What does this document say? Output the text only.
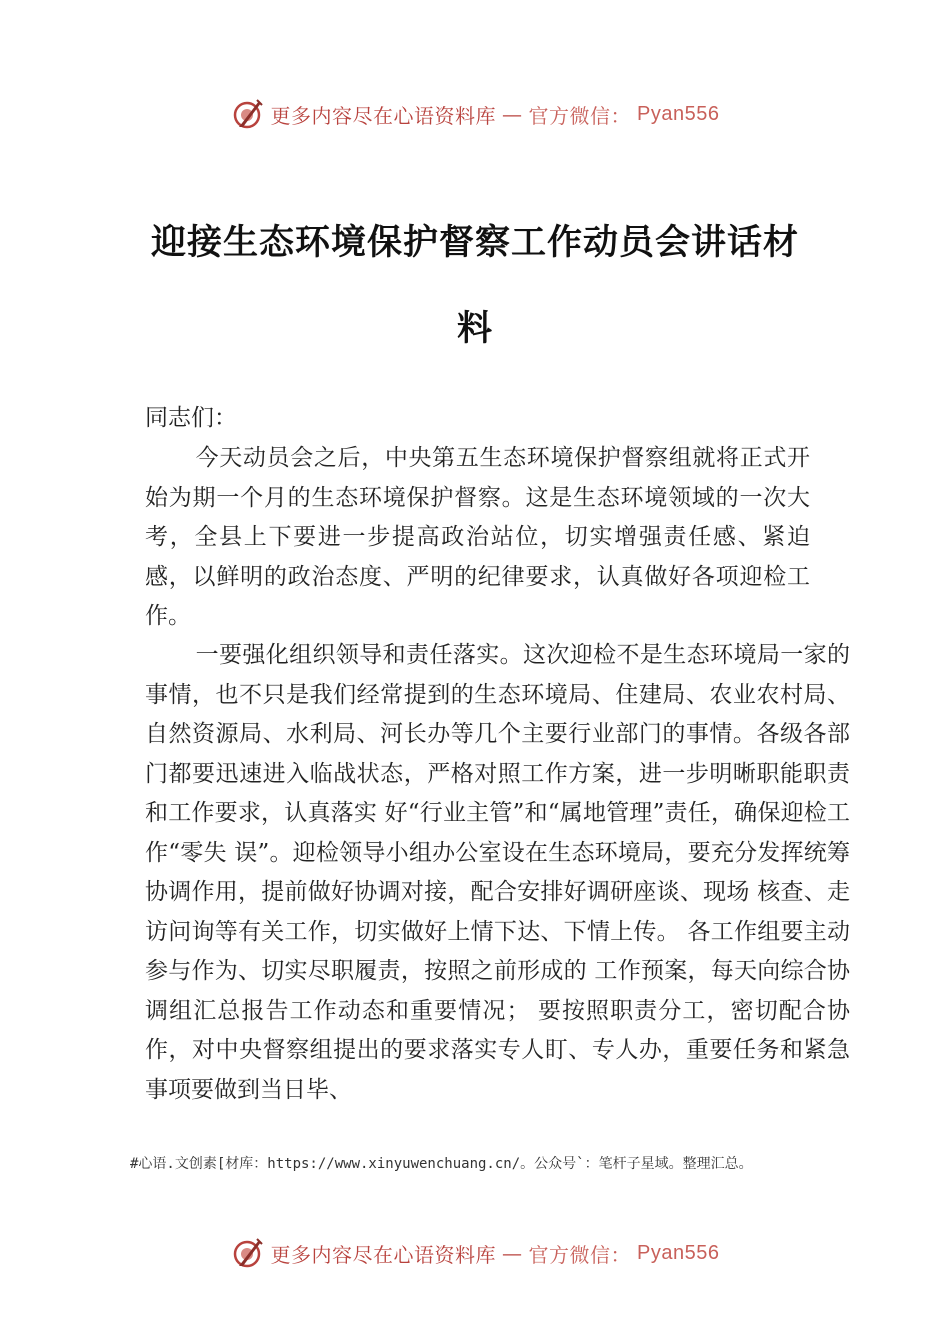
更多内容尽在心语资料库 — 官方微信： Pyan556
迎接生态环境保护督察工作动员会讲话材料

同志们：

今天动员会之后，中央第五生态环境保护督察组就将正式开始为期一个月的生态环境保护督察。这是生态环境领域的一次大考，全县上下要进一步提高政治站位，切实增强责任感、紧迫感，以鲜明的政治态度、严明的纪律要求，认真做好各项迎检工作。

一要强化组织领导和责任落实。这次迎检不是生态环境局一家的事情，也不只是我们经常提到的生态环境局、住建局、农业农村局、自然资源局、水利局、河长办等几个主要行业部门的事情。各级各部门都要迅速进入临战状态，严格对照工作方案，进一步明晰职能职责和工作要求，认真落实 好“行业主管”和“属地管理”责任，确保迎检工作“零失 误”。迎检领导小组办公室设在生态环境局，要充分发挥统筹 协调作用，提前做好协调对接，配合安排好调研座谈、现场 核查、走访问询等有关工作，切实做好上情下达、下情上传。 各工作组要主动参与作为、切实尽职履责，按照之前形成的 工作预案，每天向综合协调组汇总报告工作动态和重要情况； 要按照职责分工，密切配合协作，对中央督察组提出的要求落实专人盯、专人办，重要任务和紧急事项要做到当日毕、

#心语.文创素[材库：https://www.xinyuwenchuang.cn/。公众号`：笔杆子星域。整理汇总。

更多内容尽在心语资料库 — 官方微信： Pyan556
